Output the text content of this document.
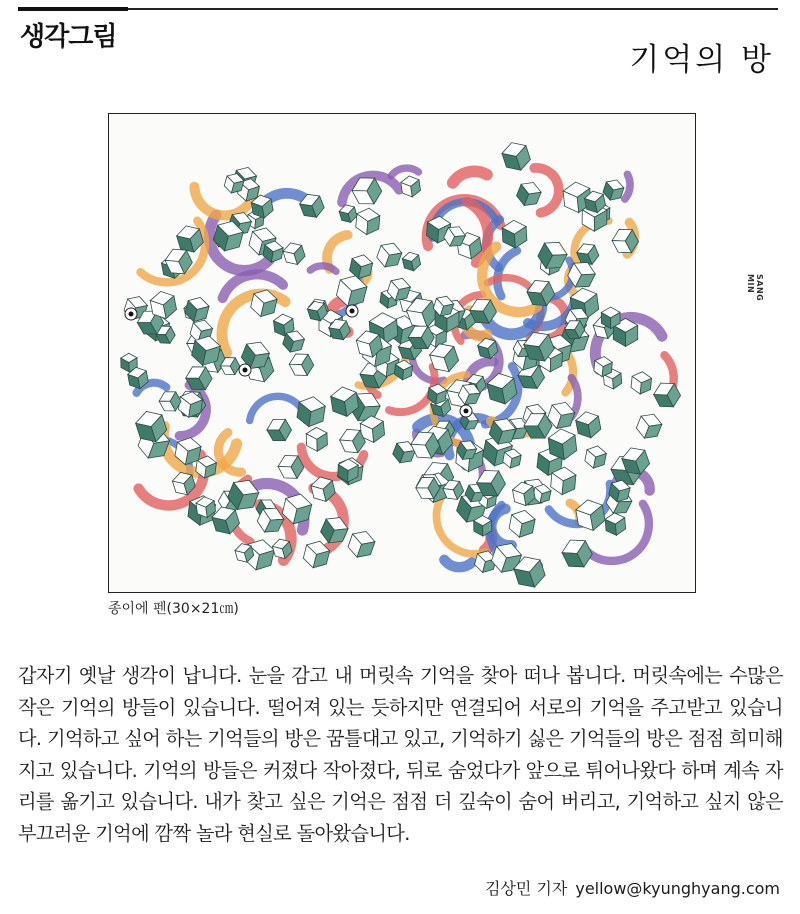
생각그림
기억의 방
SANG MIN
종이에 펜(30×21㎝)
갑자기 옛날 생각이 납니다. 눈을 감고 내 머릿속 기억을 찾아 떠나 봅니다. 머릿속에는 수많은 작은 기억의 방들이 있습니다. 떨어져 있는 듯하지만 연결되어 서로의 기억을 주고받고 있습니다. 기억하고 싶어 하는 기억들의 방은 꿈틀대고 있고, 기억하기 싫은 기억들의 방은 점점 희미해지고 있습니다. 기억의 방들은 커졌다 작아졌다, 뒤로 숨었다가 앞으로 튀어나왔다 하며 계속 자리를 옮기고 있습니다. 내가 찾고 싶은 기억은 점점 더 깊숙이 숨어 버리고, 기억하고 싶지 않은 부끄러운 기억에 깜짝 놀라 현실로 돌아왔습니다.
김상민 기자 yellow@kyunghyang.com
